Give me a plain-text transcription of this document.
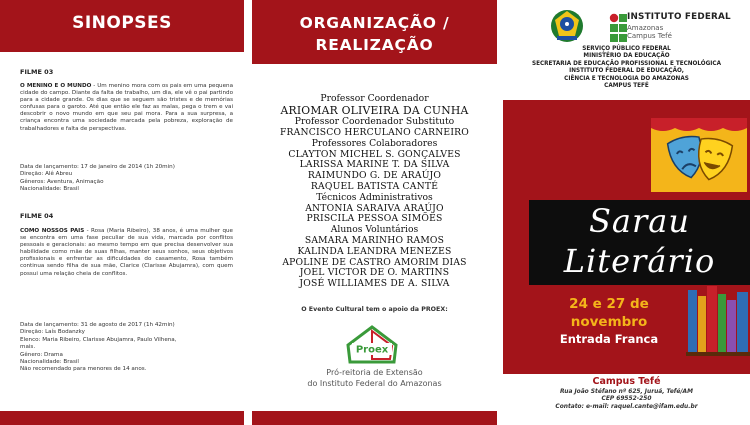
SINOPSES
FILME 03

O MENINO E O MUNDO - Um menino mora com os pais em uma pequena cidade do campo. Diante da falta de trabalho, um dia, ele vê o pai partindo para a cidade grande. Os dias que se seguem são tristes e de memórias confusas para o garoto. Até que então ele faz as malas, pega o trem e vai descobrir o novo mundo em que seu pai mora. Para a sua surpresa, a criança encontra uma sociedade marcada pela pobreza, exploração de trabalhadores e falta de perspectivas.

Data de lançamento: 17 de janeiro de 2014 (1h 20min)
Direção: Alê Abreu
Gêneros: Aventura, Animação
Nacionalidade: Brasil
FILME 04

COMO NOSSOS PAIS - Rosa (Maria Ribeiro), 38 anos, é uma mulher que se encontra em uma fase peculiar de sua vida, marcada por conflitos pessoais e geracionais: ao mesmo tempo em que precisa desenvolver sua habilidade como mãe de suas filhas, manter seus sonhos, seus objetivos profissionais e enfrentar as dificuldades do casamento, Rosa também continua sendo filha de sua mãe, Clarice (Clarisse Abujamra), com quem possui uma relação cheia de conflitos.

Data de lançamento: 31 de agosto de 2017 (1h 42min)
Direção: Laís Bodanzky
Elenco: Maria Ribeiro, Clarisse Abujamra, Paulo Vilhena,
mais.
Gênero: Drama
Nacionalidade: Brasil
Não recomendado para menores de 14 anos.
ORGANIZAÇÃO /
REALIZAÇÃO
Professor Coordenador
ARIOMAR OLIVEIRA DA CUNHA
Professor Coordenador Substituto
FRANCISCO HERCULANO CARNEIRO
Professores Colaboradores
CLAYTON MICHEL S. GONÇALVES
LARISSA MARINE T. DA SILVA
RAIMUNDO G. DE ARAÚJO
RAQUEL BATISTA CANTÉ
Técnicos Administrativos
ANTONIA SARAIVA ARAÚJO
PRISCILA PESSOA SIMÕES
Alunos Voluntários
SAMARA MARINHO RAMOS
KALINDA LEANDRA MENEZES
APOLINE DE CASTRO AMORIM DIAS
JOEL VICTOR DE O. MARTINS
JOSÉ WILLIAMES DE A. SILVA
O Evento Cultural tem o apoio da PROEX:
Proex
Pró-reitoria de Extensão
do Instituto Federal do Amazonas
INSTITUTO FEDERAL
Amazonas
Campus Tefé
SERVIÇO PÚBLICO FEDERAL
MINISTÉRIO DA EDUCAÇÃO
SECRETARIA DE EDUCAÇÃO PROFISSIONAL E TECNOLÓGICA
INSTITUTO FEDERAL DE EDUCAÇÃO,
CIÊNCIA E TECNOLOGIA DO AMAZONAS
CAMPUS TEFÉ
Sarau
Literário
24 e 27 de
novembro
Entrada Franca
Campus Tefé
Rua João Stéfano nº 625, Juruá, Tefé/AM
CEP 69552-250
Contato: e-mail: raquel.cante@ifam.edu.br
